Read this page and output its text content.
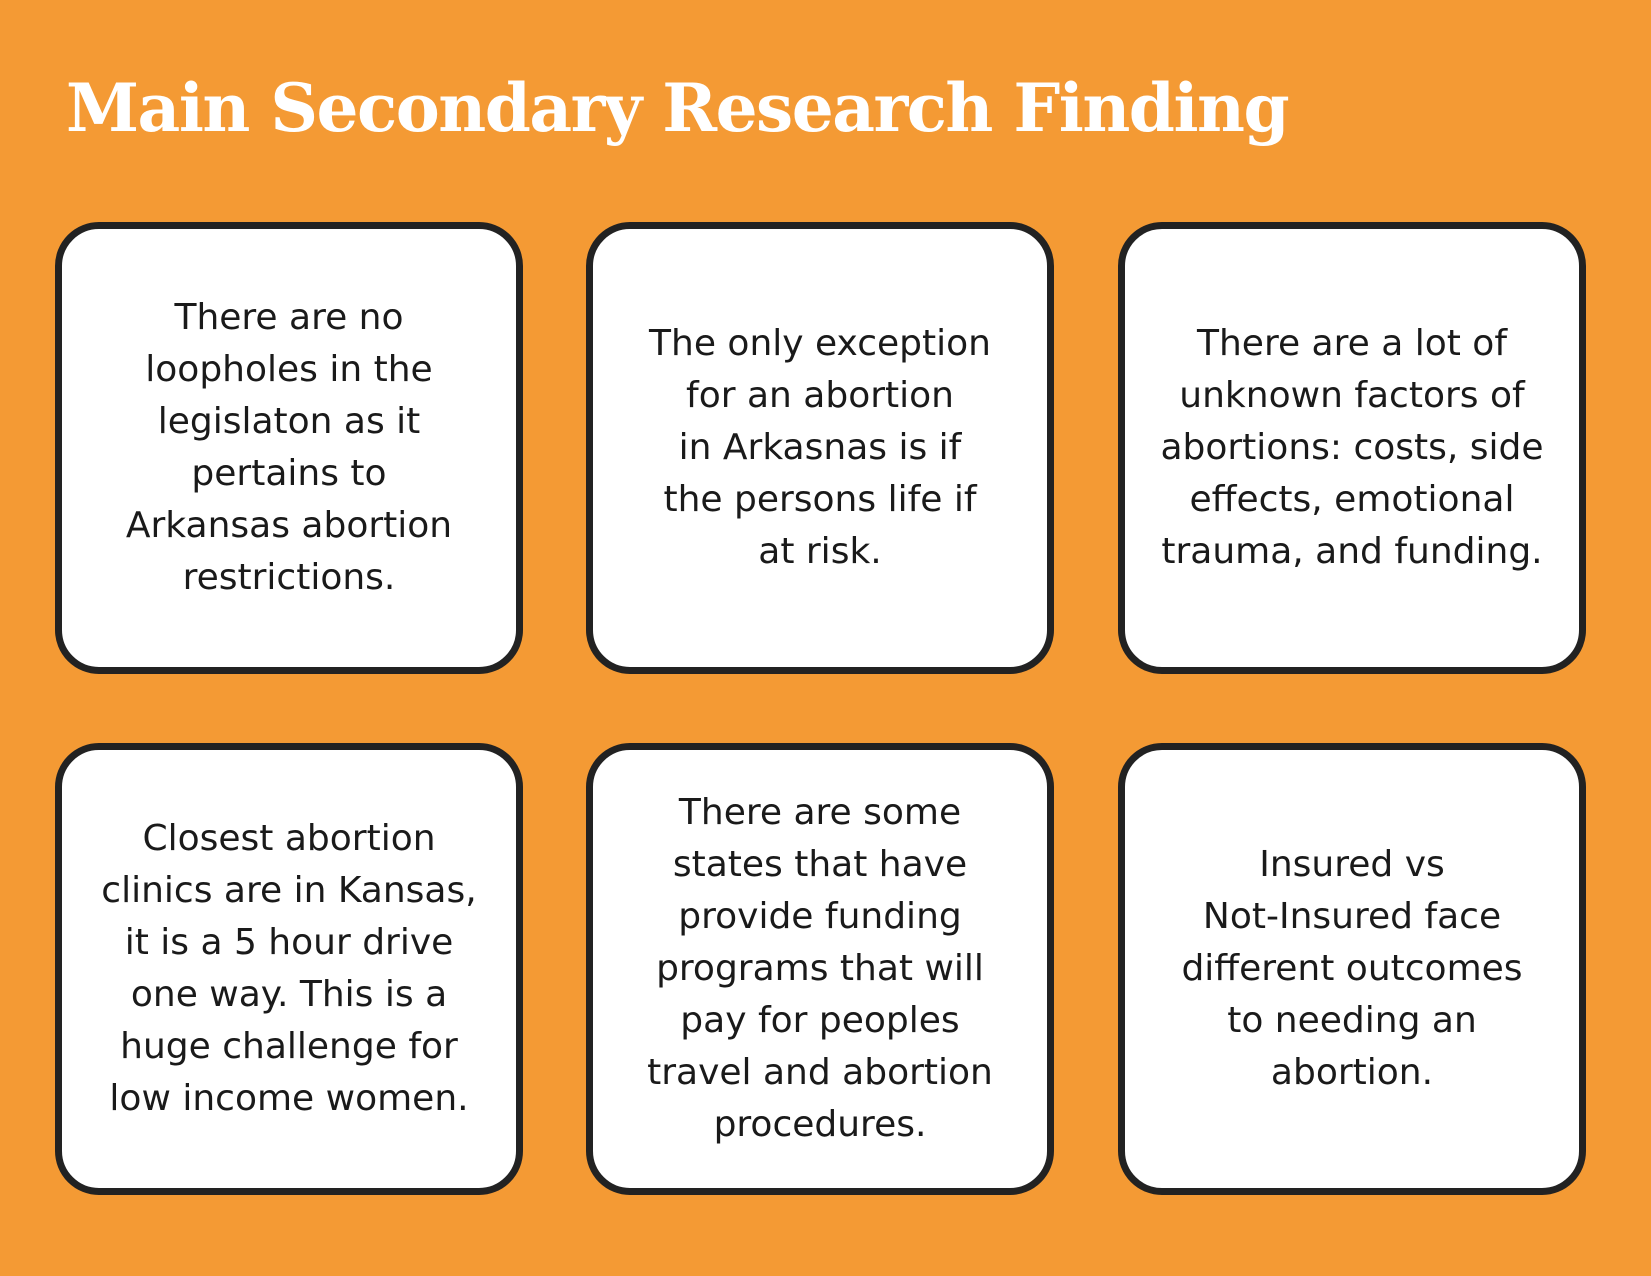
Main Secondary Research Finding

There are no
loopholes in the
legislaton as it
pertains to
Arkansas abortion
restrictions.

The only exception
for an abortion
in Arkasnas is if
the persons life if
at risk.

There are a lot of
unknown factors of
abortions: costs, side
effects, emotional
trauma, and funding.

Closest abortion
clinics are in Kansas,
it is a 5 hour drive
one way. This is a
huge challenge for
low income women.

There are some
states that have
provide funding
programs that will
pay for peoples
travel and abortion
procedures.

Insured vs
Not-Insured face
different outcomes
to needing an
abortion.
